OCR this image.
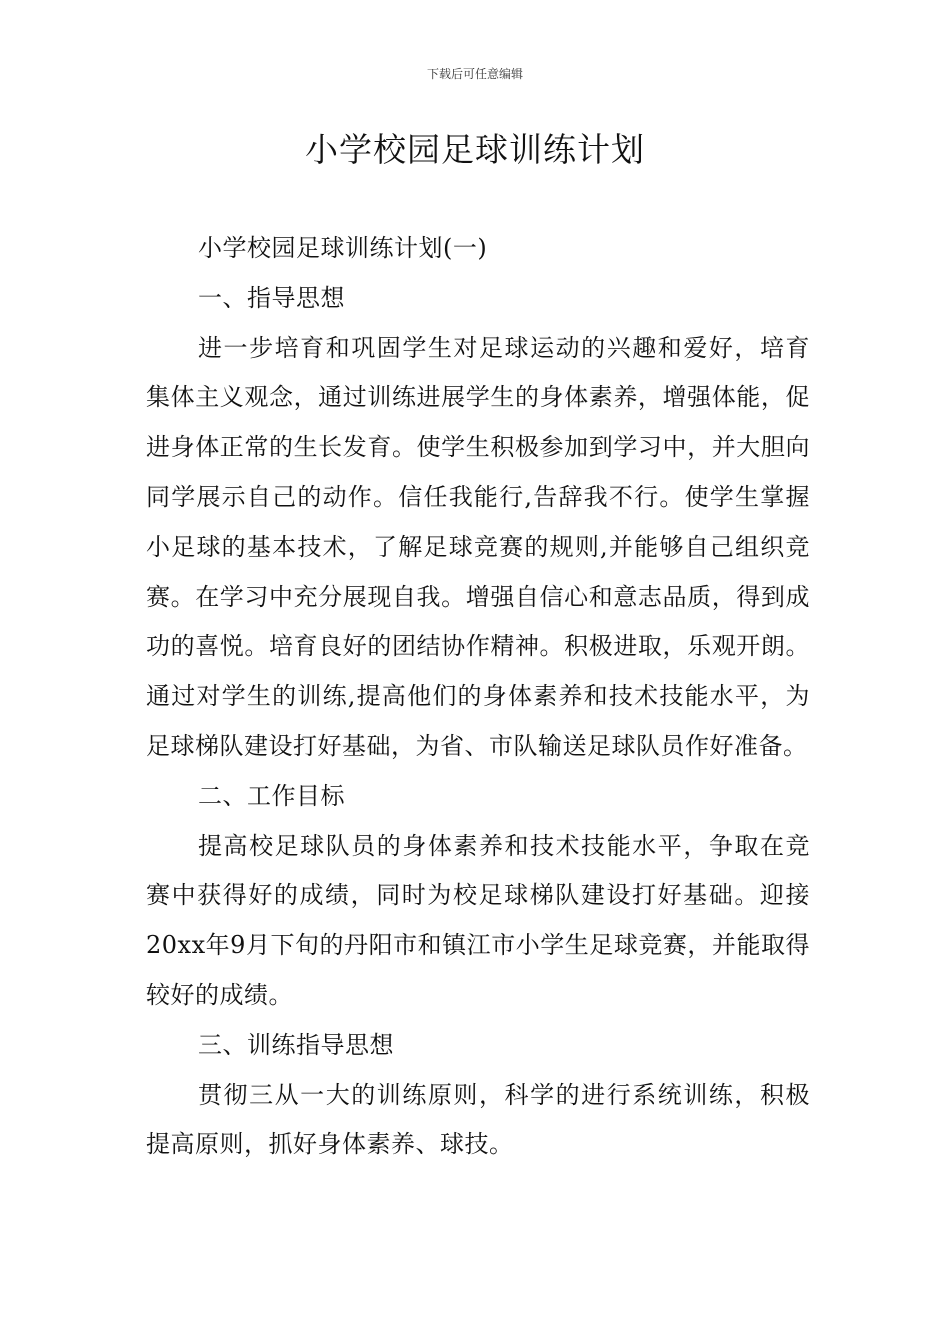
下载后可任意编辑
小学校园足球训练计划

小学校园足球训练计划(一)

一、指导思想

进一步培育和巩固学生对足球运动的兴趣和爱好，培育集体主义观念，通过训练进展学生的身体素养，增强体能，促进身体正常的生长发育。使学生积极参加到学习中，并大胆向同学展示自己的动作。信任我能行,告辞我不行。使学生掌握小足球的基本技术，了解足球竞赛的规则,并能够自己组织竞赛。在学习中充分展现自我。增强自信心和意志品质，得到成功的喜悦。培育良好的团结协作精神。积极进取，乐观开朗。通过对学生的训练,提高他们的身体素养和技术技能水平，为足球梯队建设打好基础，为省、市队输送足球队员作好准备。

二、工作目标

提高校足球队员的身体素养和技术技能水平，争取在竞赛中获得好的成绩，同时为校足球梯队建设打好基础。迎接20xx年9月下旬的丹阳市和镇江市小学生足球竞赛，并能取得较好的成绩。

三、训练指导思想

贯彻三从一大的训练原则，科学的进行系统训练，积极提高原则，抓好身体素养、球技。
